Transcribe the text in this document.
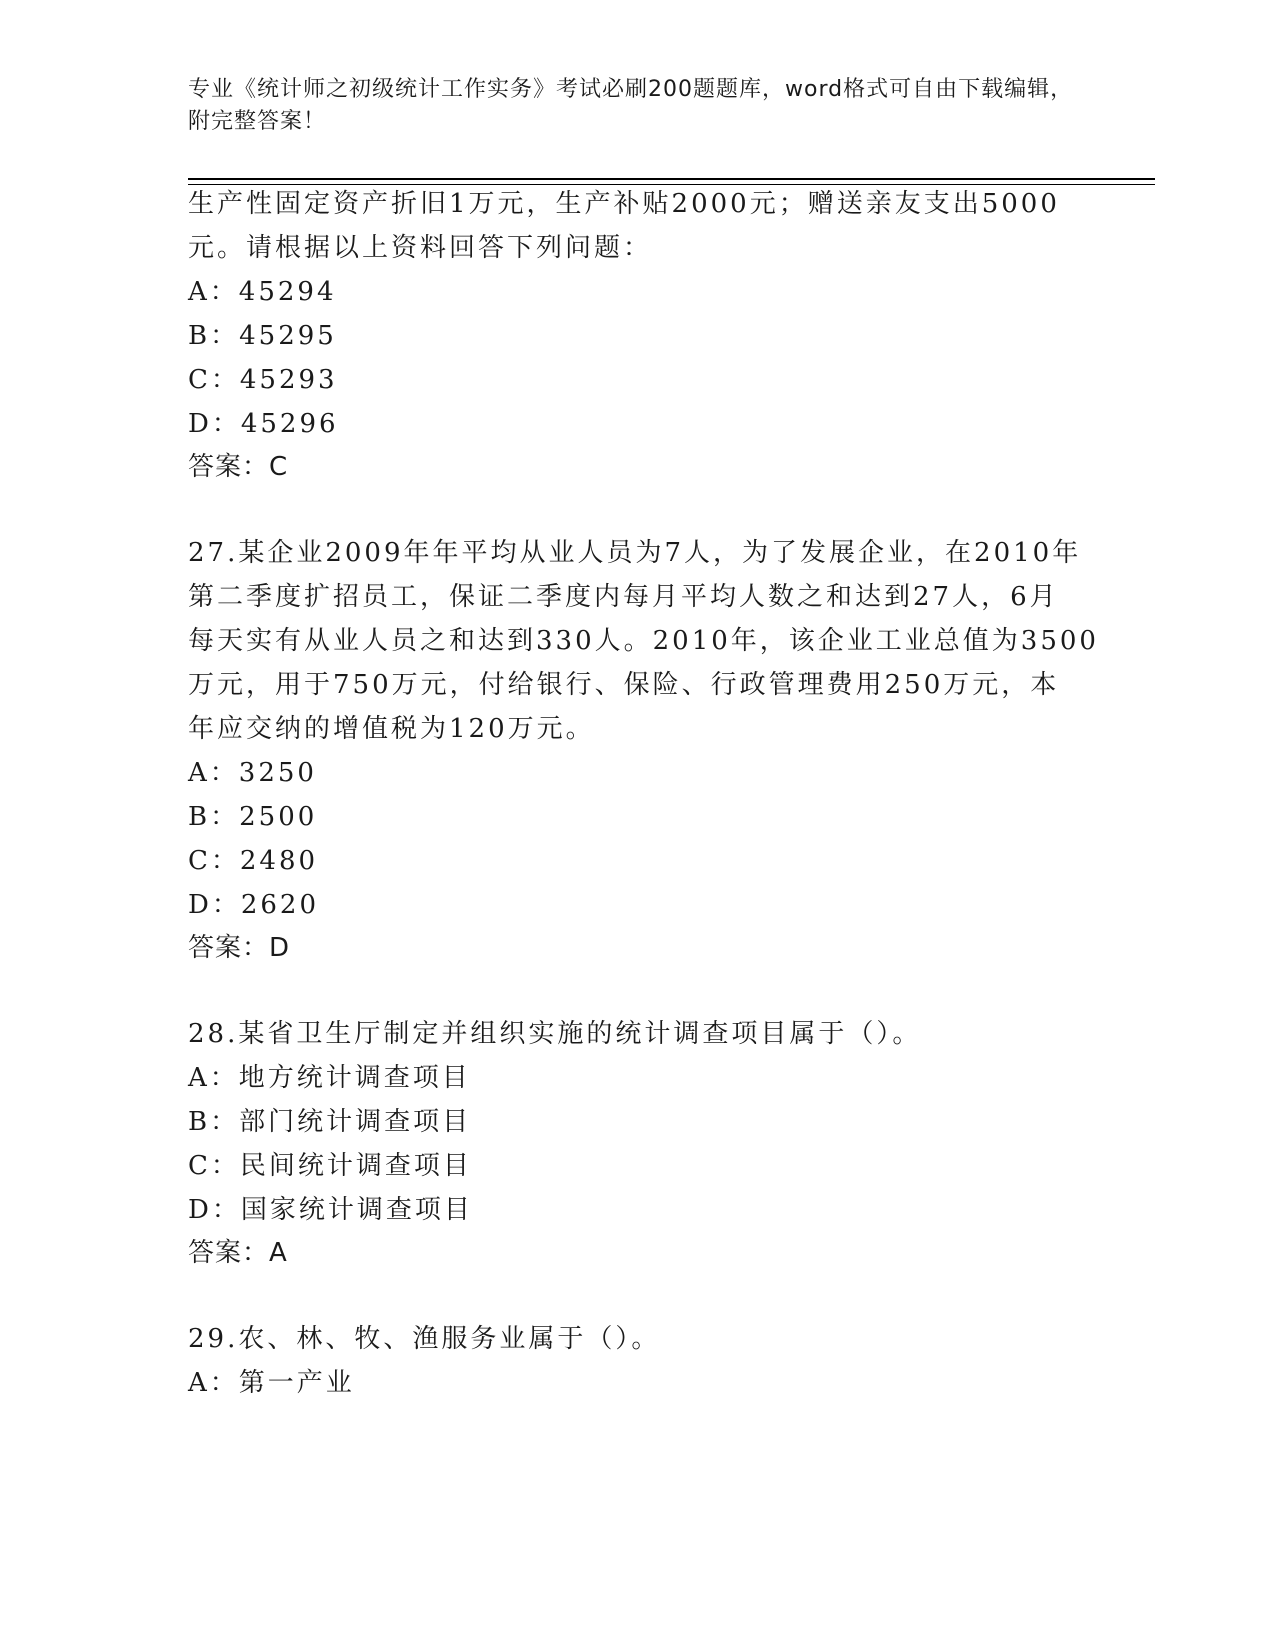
专业《统计师之初级统计工作实务》考试必刷200题题库，word格式可自由下载编辑，附完整答案！
生产性固定资产折旧1万元，生产补贴2000元；赠送亲友支出5000
元。请根据以上资料回答下列问题：
A：45294
B：45295
C：45293
D：45296
答案：C
27.某企业2009年年平均从业人员为7人，为了发展企业，在2010年
第二季度扩招员工，保证二季度内每月平均人数之和达到27人，6月
每天实有从业人员之和达到330人。2010年，该企业工业总值为3500
万元，用于750万元，付给银行、保险、行政管理费用250万元，本
年应交纳的增值税为120万元。
A：3250
B：2500
C：2480
D：2620
答案：D
28.某省卫生厅制定并组织实施的统计调查项目属于（）。
A：地方统计调查项目
B：部门统计调查项目
C：民间统计调查项目
D：国家统计调查项目
答案：A
29.农、林、牧、渔服务业属于（）。
A：第一产业
